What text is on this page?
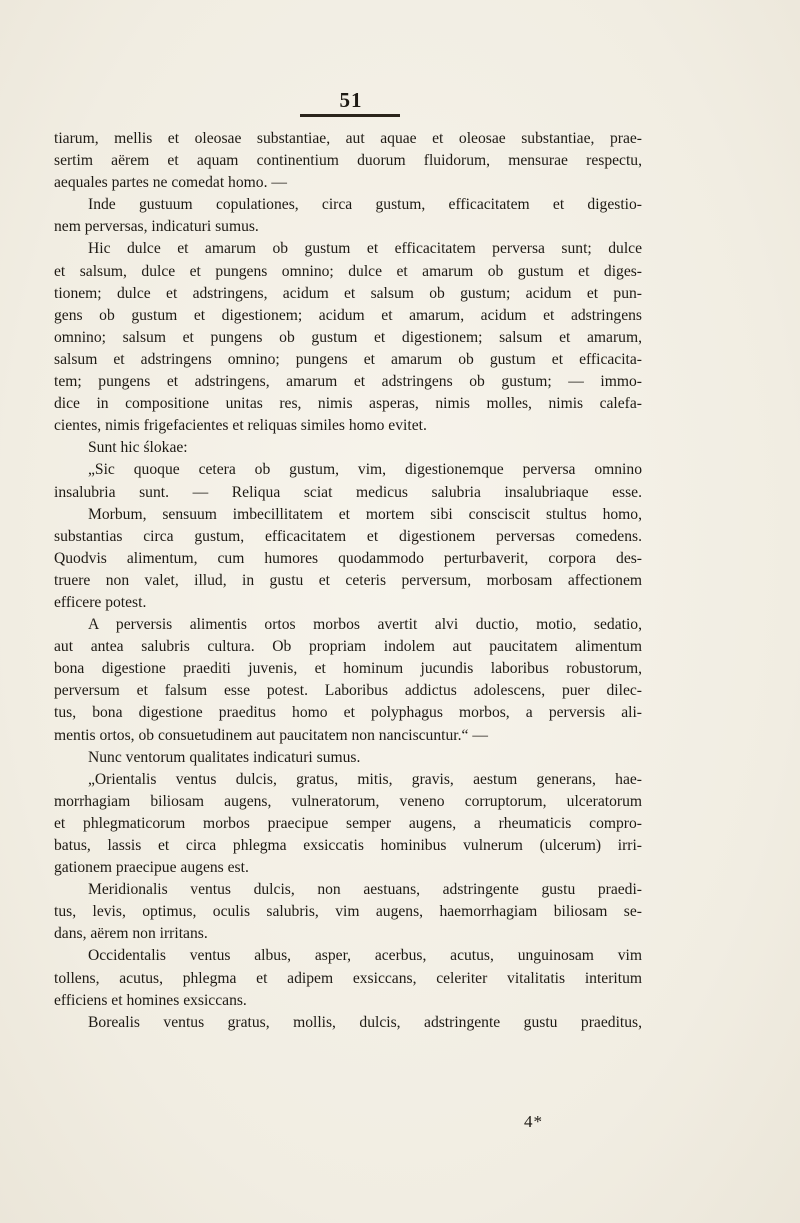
51
tiarum, mellis et oleosae substantiae, aut aquae et oleosae substantiae, prae-
sertim aërem et aquam continentium duorum fluidorum, mensurae respectu,
aequales partes ne comedat homo. —
Inde gustuum copulationes, circa gustum, efficacitatem et digestio-
nem perversas, indicaturi sumus.
Hic dulce et amarum ob gustum et efficacitatem perversa sunt; dulce
et salsum, dulce et pungens omnino; dulce et amarum ob gustum et diges-
tionem; dulce et adstringens, acidum et salsum ob gustum; acidum et pun-
gens ob gustum et digestionem; acidum et amarum, acidum et adstringens
omnino; salsum et pungens ob gustum et digestionem; salsum et amarum,
salsum et adstringens omnino; pungens et amarum ob gustum et efficacita-
tem; pungens et adstringens, amarum et adstringens ob gustum; — immo-
dice in compositione unitas res, nimis asperas, nimis molles, nimis calefa-
cientes, nimis frigefacientes et reliquas similes homo evitet.
Sunt hic ślokae:
„Sic quoque cetera ob gustum, vim, digestionemque perversa omnino
insalubria sunt. — Reliqua sciat medicus salubria insalubriaque esse.
Morbum, sensuum imbecillitatem et mortem sibi consciscit stultus homo,
substantias circa gustum, efficacitatem et digestionem perversas comedens.
Quodvis alimentum, cum humores quodammodo perturbaverit, corpora des-
truere non valet, illud, in gustu et ceteris perversum, morbosam affectionem
efficere potest.
A perversis alimentis ortos morbos avertit alvi ductio, motio, sedatio,
aut antea salubris cultura. Ob propriam indolem aut paucitatem alimentum
bona digestione praediti juvenis, et hominum jucundis laboribus robustorum,
perversum et falsum esse potest. Laboribus addictus adolescens, puer dilec-
tus, bona digestione praeditus homo et polyphagus morbos, a perversis ali-
mentis ortos, ob consuetudinem aut paucitatem non nanciscuntur.“ —
Nunc ventorum qualitates indicaturi sumus.
„Orientalis ventus dulcis, gratus, mitis, gravis, aestum generans, hae-
morrhagiam biliosam augens, vulneratorum, veneno corruptorum, ulceratorum
et phlegmaticorum morbos praecipue semper augens, a rheumaticis compro-
batus, lassis et circa phlegma exsiccatis hominibus vulnerum (ulcerum) irri-
gationem praecipue augens est.
Meridionalis ventus dulcis, non aestuans, adstringente gustu praedi-
tus, levis, optimus, oculis salubris, vim augens, haemorrhagiam biliosam se-
dans, aërem non irritans.
Occidentalis ventus albus, asper, acerbus, acutus, unguinosam vim
tollens, acutus, phlegma et adipem exsiccans, celeriter vitalitatis interitum
efficiens et homines exsiccans.
Borealis ventus gratus, mollis, dulcis, adstringente gustu praeditus,
4*
